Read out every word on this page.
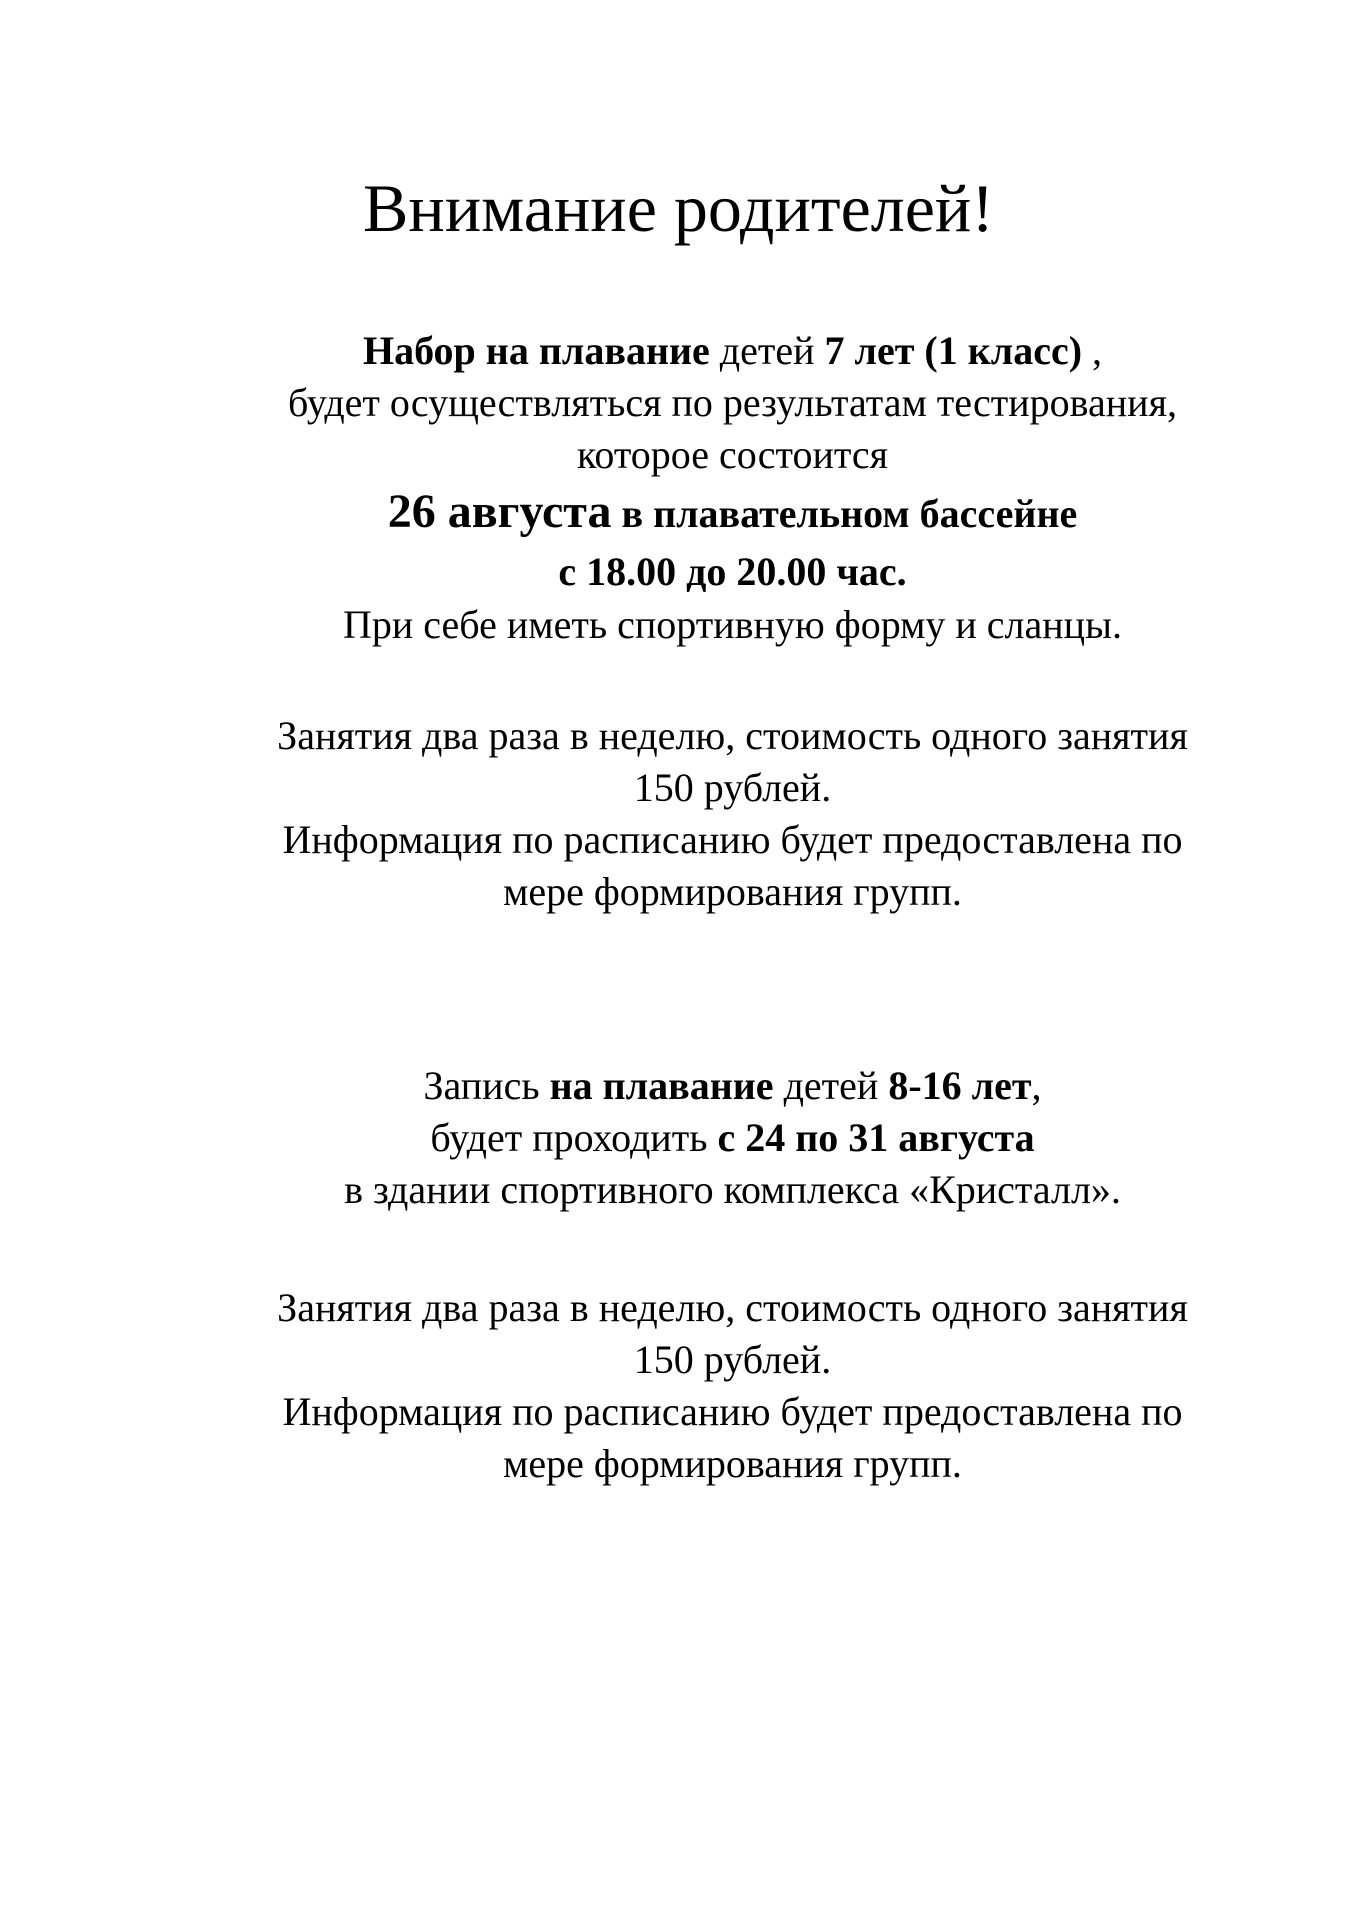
Внимание родителей!

Набор на плавание детей 7 лет (1 класс) ,

будет осуществляться по результатам тестирования,

которое состоится

26 августа в плавательном бассейне

с 18.00 до 20.00 час.

При себе иметь спортивную форму и сланцы.

Занятия два раза в неделю, стоимость одного занятия

150 рублей.

Информация по расписанию будет предоставлена по

мере формирования групп.

Запись на плавание детей 8-16 лет,

будет проходить с 24 по 31 августа

в здании спортивного комплекса «Кристалл».

Занятия два раза в неделю, стоимость одного занятия

150 рублей.

Информация по расписанию будет предоставлена по

мере формирования групп.
